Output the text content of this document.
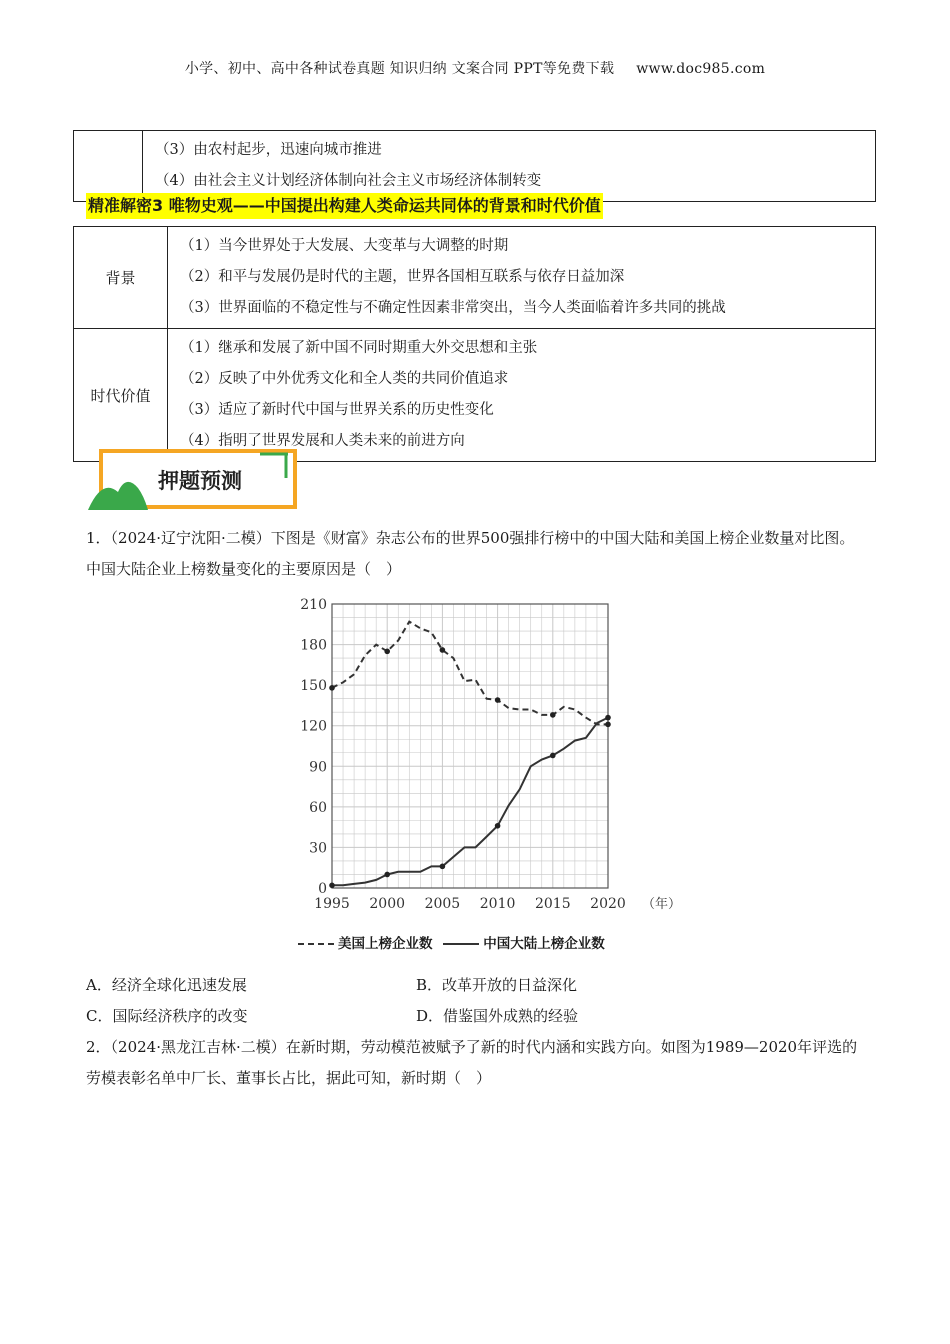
小学、初中、高中各种试卷真题 知识归纳 文案合同 PPT等免费下载 www.doc985.com

（3）由农村起步，迅速向城市推进
（4）由社会主义计划经济体制向社会主义市场经济体制转变
精准解密3 唯物史观——中国提出构建人类命运共同体的背景和时代价值
背景	（1）当今世界处于大发展、大变革与大调整的时期
（2）和平与发展仍是时代的主题，世界各国相互联系与依存日益加深
（3）世界面临的不稳定性与不确定性因素非常突出，当今人类面临着许多共同的挑战

时代价值	（1）继承和发展了新中国不同时期重大外交思想和主张
（2）反映了中外优秀文化和全人类的共同价值追求
（3）适应了新时代中国与世界关系的历史性变化
（4）指明了世界发展和人类未来的前进方向
押题预测
1．（2024·辽宁沈阳·二模）下图是《财富》杂志公布的世界500强排行榜中的中国大陆和美国上榜企业数量对比图。中国大陆企业上榜数量变化的主要原因是（　）
0
30
60
90
120
150
180
210
1995 2000 2005 2010 2015 2020 （年）
美国上榜企业数	中国大陆上榜企业数
A．经济全球化迅速发展	B．改革开放的日益深化
C．国际经济秩序的改变	D．借鉴国外成熟的经验
2．（2024·黑龙江吉林·二模）在新时期，劳动模范被赋予了新的时代内涵和实践方向。如图为1989—2020年评选的劳模表彰名单中厂长、董事长占比，据此可知，新时期（　）
